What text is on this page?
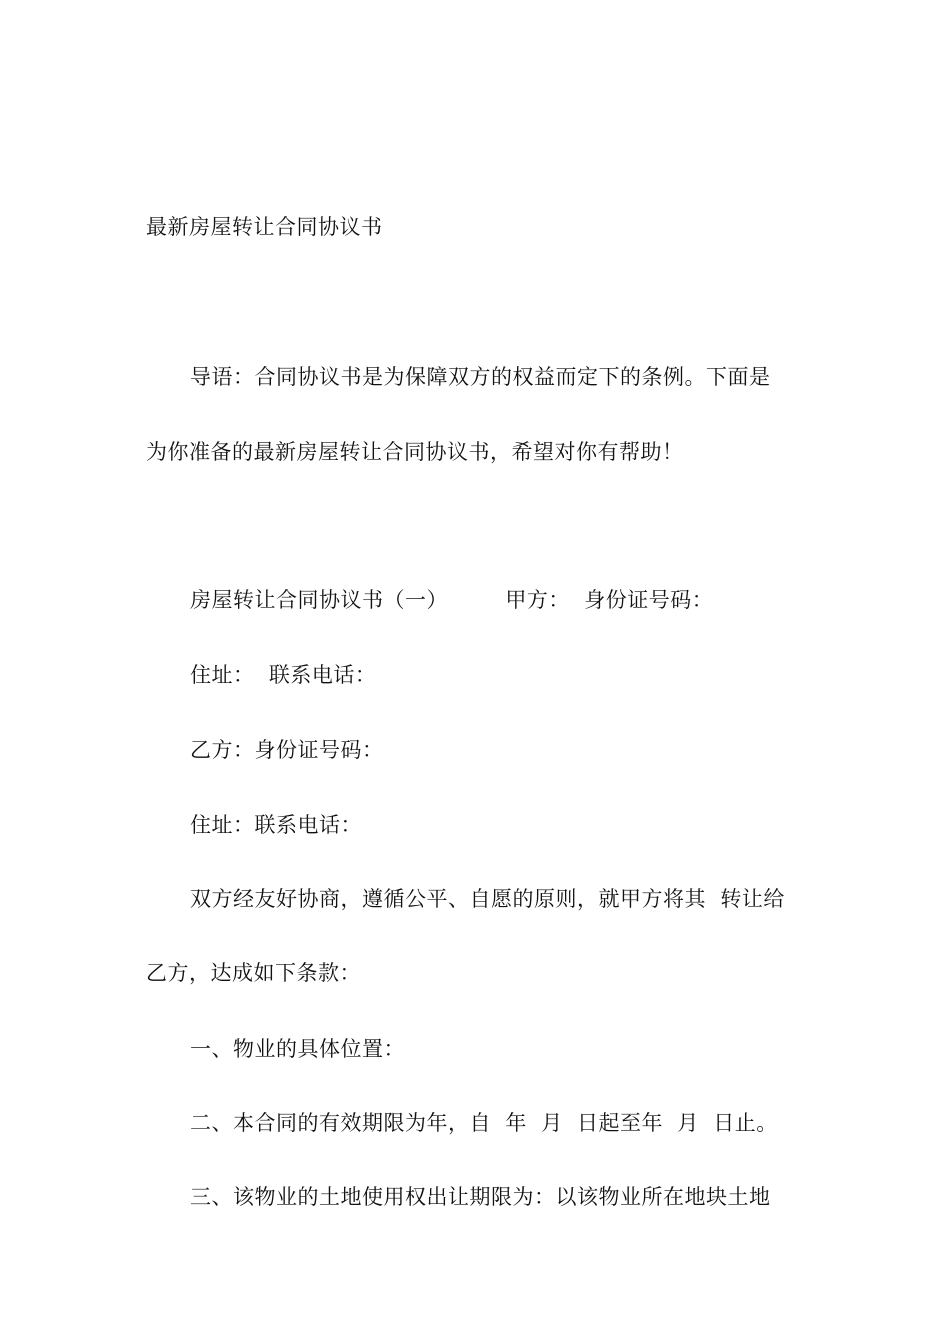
最新房屋转让合同协议书
导语：合同协议书是为保障双方的权益而定下的条例。下面是
为你准备的最新房屋转让合同协议书，希望对你有帮助！
房屋转让合同协议书（一）        甲方：  身份证号码：
住址：  联系电话：
乙方：身份证号码：
住址：联系电话：
双方经友好协商，遵循公平、自愿的原则，就甲方将其  转让给
乙方，达成如下条款：
一、物业的具体位置：
二、本合同的有效期限为年，自  年  月  日起至年  月  日止。
三、该物业的土地使用权出让期限为：以该物业所在地块土地
